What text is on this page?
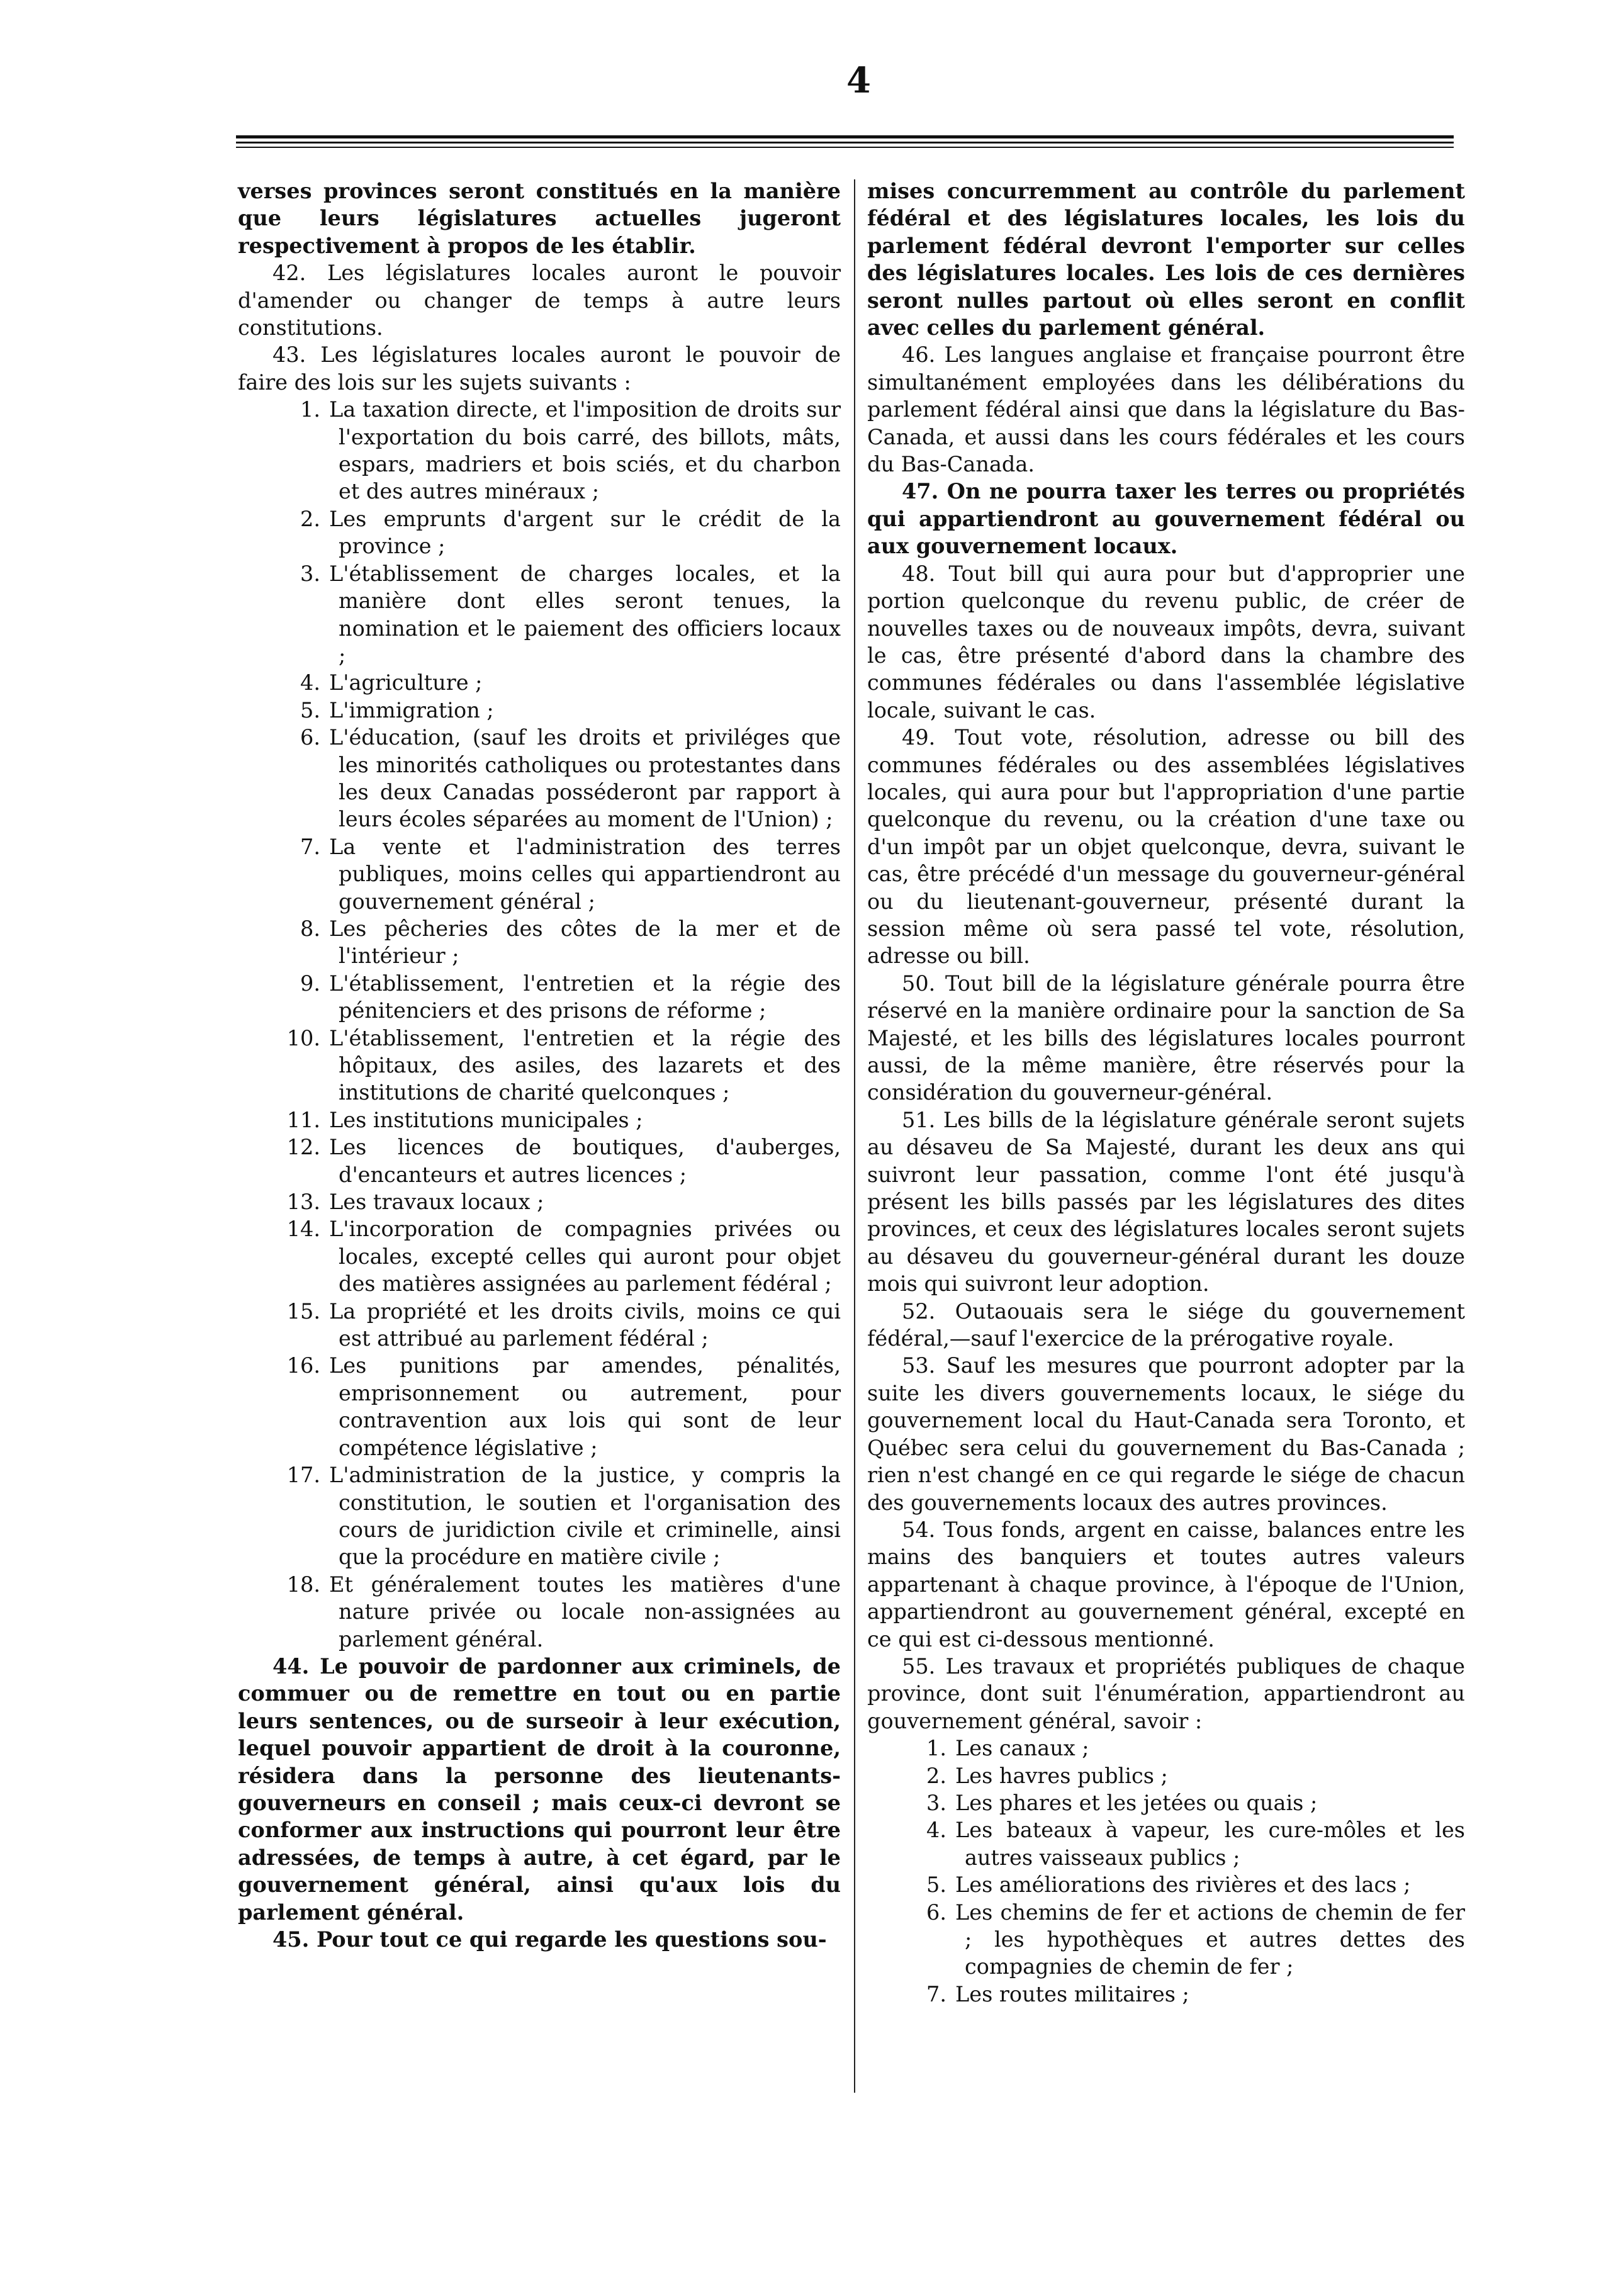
4

verses provinces seront constitués en la manière que leurs législatures actuelles jugeront respectivement à propos de les établir.

42. Les législatures locales auront le pouvoir d'amender ou changer de temps à autre leurs constitutions.

43. Les législatures locales auront le pouvoir de faire des lois sur les sujets suivants :

1. La taxation directe, et l'imposition de droits sur l'exportation du bois carré, des billots, mâts, espars, madriers et bois sciés, et du charbon et des autres minéraux ;

2. Les emprunts d'argent sur le crédit de la province ;

3. L'établissement de charges locales, et la manière dont elles seront tenues, la nomination et le paiement des officiers locaux ;

4. L'agriculture ;

5. L'immigration ;

6. L'éducation, (sauf les droits et priviléges que les minorités catholiques ou protestantes dans les deux Canadas posséderont par rapport à leurs écoles séparées au moment de l'Union) ;

7. La vente et l'administration des terres publiques, moins celles qui appartiendront au gouvernement général ;

8. Les pêcheries des côtes de la mer et de l'intérieur ;

9. L'établissement, l'entretien et la régie des pénitenciers et des prisons de réforme ;

10. L'établissement, l'entretien et la régie des hôpitaux, des asiles, des lazarets et des institutions de charité quelconques ;

11. Les institutions municipales ;

12. Les licences de boutiques, d'auberges, d'encanteurs et autres licences ;

13. Les travaux locaux ;

14. L'incorporation de compagnies privées ou locales, excepté celles qui auront pour objet des matières assignées au parlement fédéral ;

15. La propriété et les droits civils, moins ce qui est attribué au parlement fédéral ;

16. Les punitions par amendes, pénalités, emprisonnement ou autrement, pour contravention aux lois qui sont de leur compétence législative ;

17. L'administration de la justice, y compris la constitution, le soutien et l'organisation des cours de juridiction civile et criminelle, ainsi que la procédure en matière civile ;

18. Et généralement toutes les matières d'une nature privée ou locale non-assignées au parlement général.

44. Le pouvoir de pardonner aux criminels, de commuer ou de remettre en tout ou en partie leurs sentences, ou de surseoir à leur exécution, lequel pouvoir appartient de droit à la couronne, résidera dans la personne des lieutenants-gouverneurs en conseil ; mais ceux-ci devront se conformer aux instructions qui pourront leur être adressées, de temps à autre, à cet égard, par le gouvernement général, ainsi qu'aux lois du parlement général.

45. Pour tout ce qui regarde les questions sou-

mises concurremment au contrôle du parlement fédéral et des législatures locales, les lois du parlement fédéral devront l'emporter sur celles des législatures locales. Les lois de ces dernières seront nulles partout où elles seront en conflit avec celles du parlement général.

46. Les langues anglaise et française pourront être simultanément employées dans les délibérations du parlement fédéral ainsi que dans la législature du Bas-Canada, et aussi dans les cours fédérales et les cours du Bas-Canada.

47. On ne pourra taxer les terres ou propriétés qui appartiendront au gouvernement fédéral ou aux gouvernement locaux.

48. Tout bill qui aura pour but d'approprier une portion quelconque du revenu public, de créer de nouvelles taxes ou de nouveaux impôts, devra, suivant le cas, être présenté d'abord dans la chambre des communes fédérales ou dans l'assemblée législative locale, suivant le cas.

49. Tout vote, résolution, adresse ou bill des communes fédérales ou des assemblées législatives locales, qui aura pour but l'appropriation d'une partie quelconque du revenu, ou la création d'une taxe ou d'un impôt par un objet quelconque, devra, suivant le cas, être précédé d'un message du gouverneur-général ou du lieutenant-gouverneur, présenté durant la session même où sera passé tel vote, résolution, adresse ou bill.

50. Tout bill de la législature générale pourra être réservé en la manière ordinaire pour la sanction de Sa Majesté, et les bills des législatures locales pourront aussi, de la même manière, être réservés pour la considération du gouverneur-général.

51. Les bills de la législature générale seront sujets au désaveu de Sa Majesté, durant les deux ans qui suivront leur passation, comme l'ont été jusqu'à présent les bills passés par les législatures des dites provinces, et ceux des législatures locales seront sujets au désaveu du gouverneur-général durant les douze mois qui suivront leur adoption.

52. Outaouais sera le siége du gouvernement fédéral,—sauf l'exercice de la prérogative royale.

53. Sauf les mesures que pourront adopter par la suite les divers gouvernements locaux, le siége du gouvernement local du Haut-Canada sera Toronto, et Québec sera celui du gouvernement du Bas-Canada ; rien n'est changé en ce qui regarde le siége de chacun des gouvernements locaux des autres provinces.

54. Tous fonds, argent en caisse, balances entre les mains des banquiers et toutes autres valeurs appartenant à chaque province, à l'époque de l'Union, appartiendront au gouvernement général, excepté en ce qui est ci-dessous mentionné.

55. Les travaux et propriétés publiques de chaque province, dont suit l'énumération, appartiendront au gouvernement général, savoir :

1. Les canaux ;

2. Les havres publics ;

3. Les phares et les jetées ou quais ;

4. Les bateaux à vapeur, les cure-môles et les autres vaisseaux publics ;

5. Les améliorations des rivières et des lacs ;

6. Les chemins de fer et actions de chemin de fer ; les hypothèques et autres dettes des compagnies de chemin de fer ;

7. Les routes militaires ;
